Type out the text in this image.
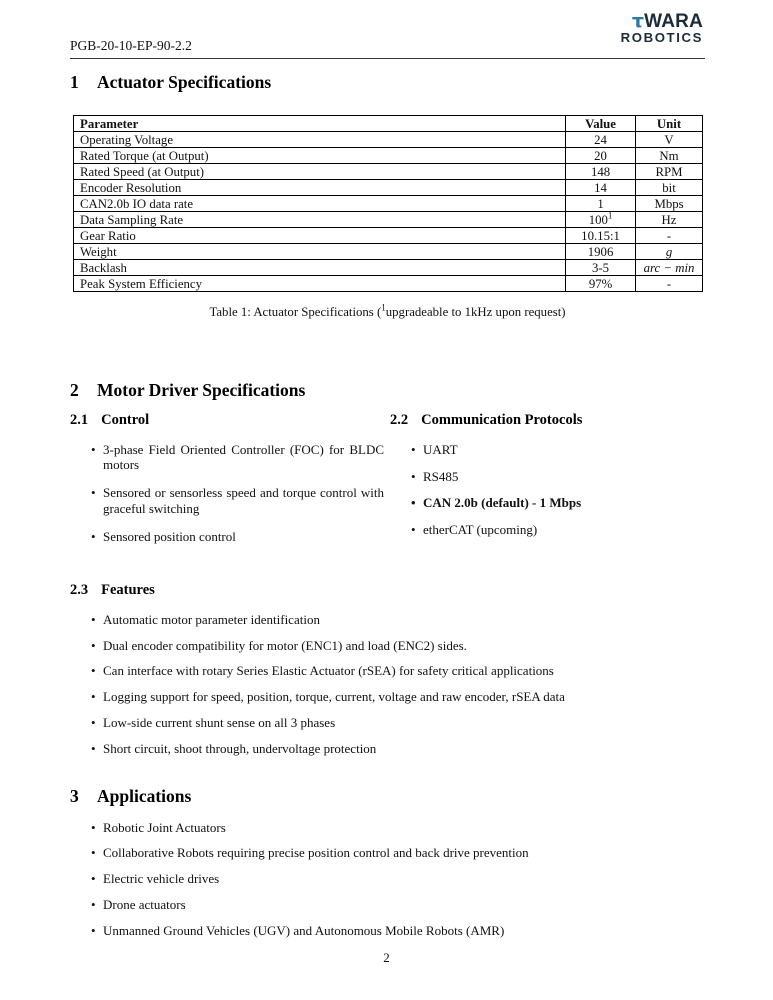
τWARA
ROBOTICS
PGB-20-10-EP-90-2.2
1 Actuator Specifications
Parameter	Value	Unit
Operating Voltage	24	V
Rated Torque (at Output)	20	Nm
Rated Speed (at Output)	148	RPM
Encoder Resolution	14	bit
CAN2.0b IO data rate	1	Mbps
Data Sampling Rate	$100^1$	Hz
Gear Ratio	10.15:1	-
Weight	1906	g
Backlash	3-5	arc − min
Peak System Efficiency	97%	-
Table 1: Actuator Specifications ($^1$upgradeable to 1kHz upon request)
2 Motor Driver Specifications
2.1 Control
• 3-phase Field Oriented Controller (FOC) for BLDC motors
• Sensored or sensorless speed and torque control with graceful switching
• Sensored position control
2.2 Communication Protocols
• UART
• RS485
• CAN 2.0b (default) - 1 Mbps
• etherCAT (upcoming)
2.3 Features
• Automatic motor parameter identification
• Dual encoder compatibility for motor (ENC1) and load (ENC2) sides.
• Can interface with rotary Series Elastic Actuator (rSEA) for safety critical applications
• Logging support for speed, position, torque, current, voltage and raw encoder, rSEA data
• Low-side current shunt sense on all 3 phases
• Short circuit, shoot through, undervoltage protection
3 Applications
• Robotic Joint Actuators
• Collaborative Robots requiring precise position control and back drive prevention
• Electric vehicle drives
• Drone actuators
• Unmanned Ground Vehicles (UGV) and Autonomous Mobile Robots (AMR)
2
